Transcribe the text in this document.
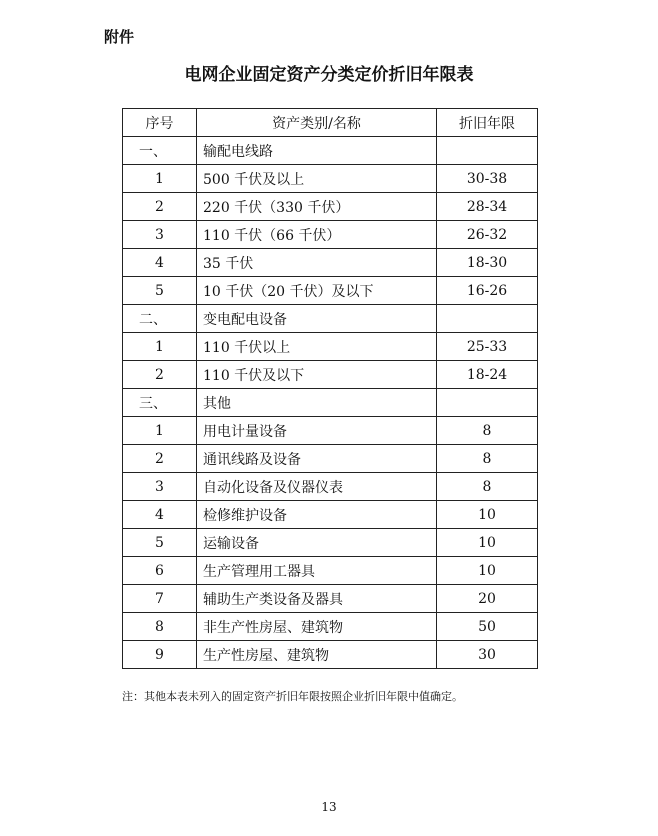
附件
电网企业固定资产分类定价折旧年限表
序号	资产类别/名称	折旧年限
一、	输配电线路	
1	500 千伏及以上	30-38
2	220 千伏（330 千伏）	28-34
3	110 千伏（66 千伏）	26-32
4	35 千伏	18-30
5	10 千伏（20 千伏）及以下	16-26
二、	变电配电设备	
1	110 千伏以上	25-33
2	110 千伏及以下	18-24
三、	其他	
1	用电计量设备	8
2	通讯线路及设备	8
3	自动化设备及仪器仪表	8
4	检修维护设备	10
5	运输设备	10
6	生产管理用工器具	10
7	辅助生产类设备及器具	20
8	非生产性房屋、建筑物	50
9	生产性房屋、建筑物	30
注：其他本表未列入的固定资产折旧年限按照企业折旧年限中值确定。
13
